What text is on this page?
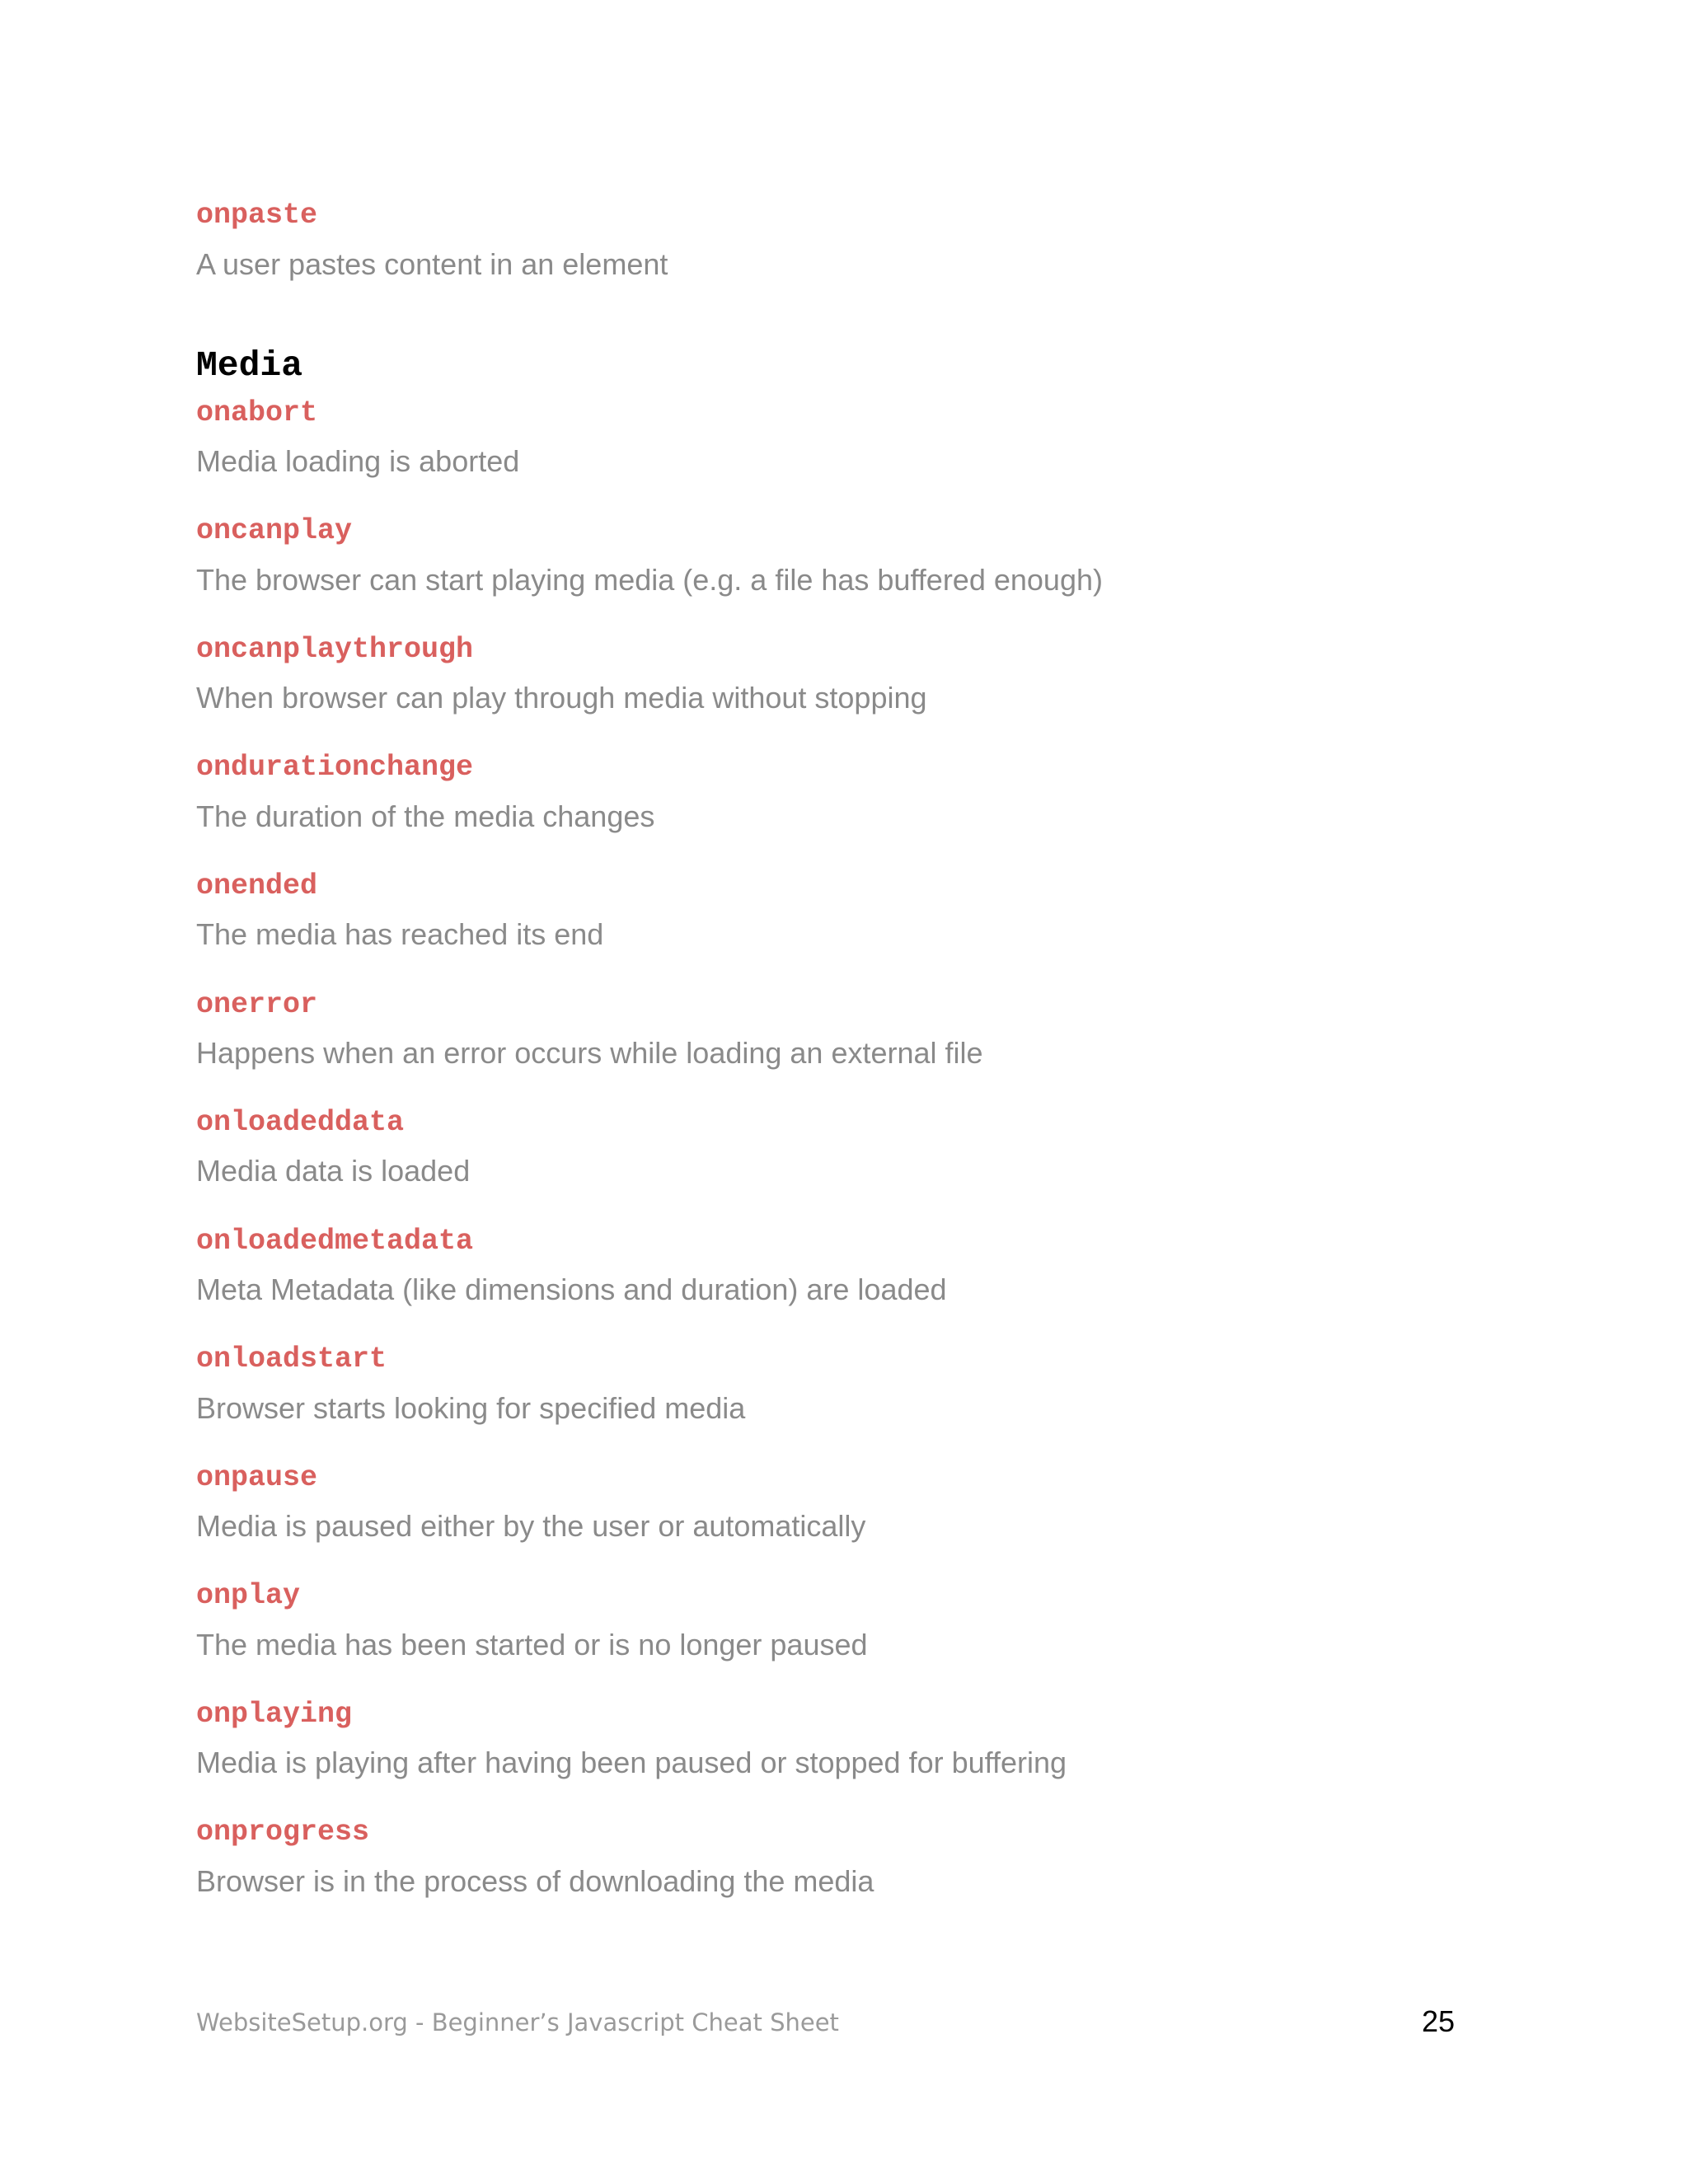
onpaste
A user pastes content in an element
Media
onabort
Media loading is aborted
oncanplay
The browser can start playing media (e.g. a file has buffered enough)
oncanplaythrough
When browser can play through media without stopping
ondurationchange
The duration of the media changes
onended
The media has reached its end
onerror
Happens when an error occurs while loading an external file
onloadeddata
Media data is loaded
onloadedmetadata
Meta Metadata (like dimensions and duration) are loaded
onloadstart
Browser starts looking for specified media
onpause
Media is paused either by the user or automatically
onplay
The media has been started or is no longer paused
onplaying
Media is playing after having been paused or stopped for buffering
onprogress
Browser is in the process of downloading the media
WebsiteSetup.org - Beginner’s Javascript Cheat Sheet	25
